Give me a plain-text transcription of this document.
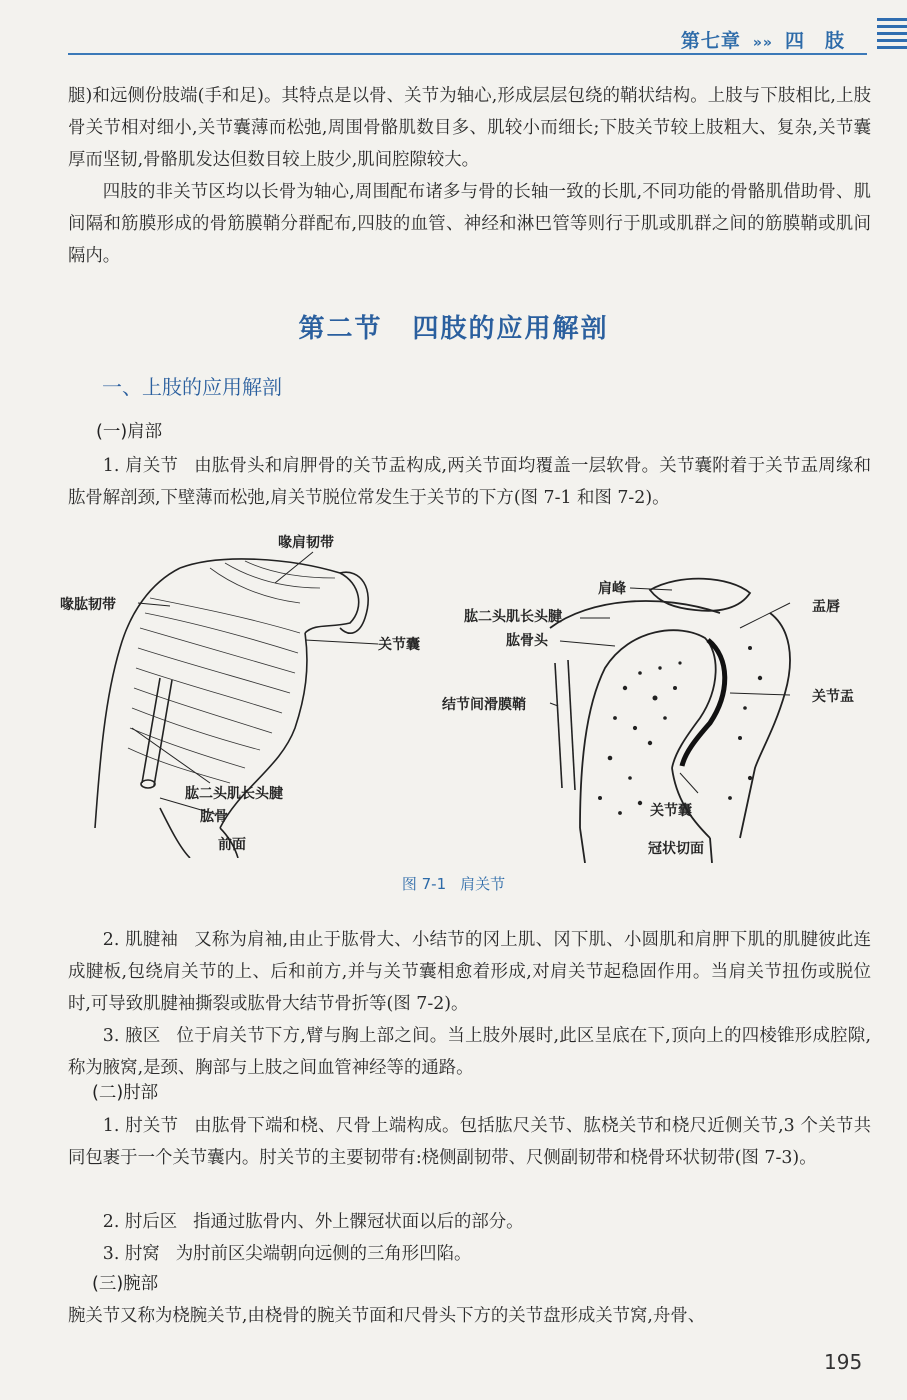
第七章 »» 四　肢

腿)和远侧份肢端(手和足)。其特点是以骨、关节为轴心,形成层层包绕的鞘状结构。上肢与下肢相比,上肢骨关节相对细小,关节囊薄而松弛,周围骨骼肌数目多、肌较小而细长;下肢关节较上肢粗大、复杂,关节囊厚而坚韧,骨骼肌发达但数目较上肢少,肌间腔隙较大。

四肢的非关节区均以长骨为轴心,周围配布诸多与骨的长轴一致的长肌,不同功能的骨骼肌借助骨、肌间隔和筋膜形成的骨筋膜鞘分群配布,四肢的血管、神经和淋巴管等则行于肌或肌群之间的筋膜鞘或肌间隔内。

第二节 四肢的应用解剖
一、上肢的应用解剖
(一)肩部

1. 肩关节 由肱骨头和肩胛骨的关节盂构成,两关节面均覆盖一层软骨。关节囊附着于关节盂周缘和肱骨解剖颈,下壁薄而松弛,肩关节脱位常发生于关节的下方(图 7-1 和图 7-2)。

喙肩韧带
喙肱韧带
关节囊
肱二头肌长头腱
肱骨
前面
肩峰
盂唇
肱二头肌长头腱
肱骨头
关节盂
结节间滑膜鞘
关节囊
冠状切面
图 7-1 肩关节

2. 肌腱袖 又称为肩袖,由止于肱骨大、小结节的冈上肌、冈下肌、小圆肌和肩胛下肌的肌腱彼此连成腱板,包绕肩关节的上、后和前方,并与关节囊相愈着形成,对肩关节起稳固作用。当肩关节扭伤或脱位时,可导致肌腱袖撕裂或肱骨大结节骨折等(图 7-2)。

3. 腋区 位于肩关节下方,臂与胸上部之间。当上肢外展时,此区呈底在下,顶向上的四棱锥形成腔隙,称为腋窝,是颈、胸部与上肢之间血管神经等的通路。

(二)肘部

1. 肘关节 由肱骨下端和桡、尺骨上端构成。包括肱尺关节、肱桡关节和桡尺近侧关节,3 个关节共同包裹于一个关节囊内。肘关节的主要韧带有:桡侧副韧带、尺侧副韧带和桡骨环状韧带(图 7-3)。

2. 肘后区 指通过肱骨内、外上髁冠状面以后的部分。

3. 肘窝 为肘前区尖端朝向远侧的三角形凹陷。

(三)腕部

腕关节又称为桡腕关节,由桡骨的腕关节面和尺骨头下方的关节盘形成关节窝,舟骨、

195
